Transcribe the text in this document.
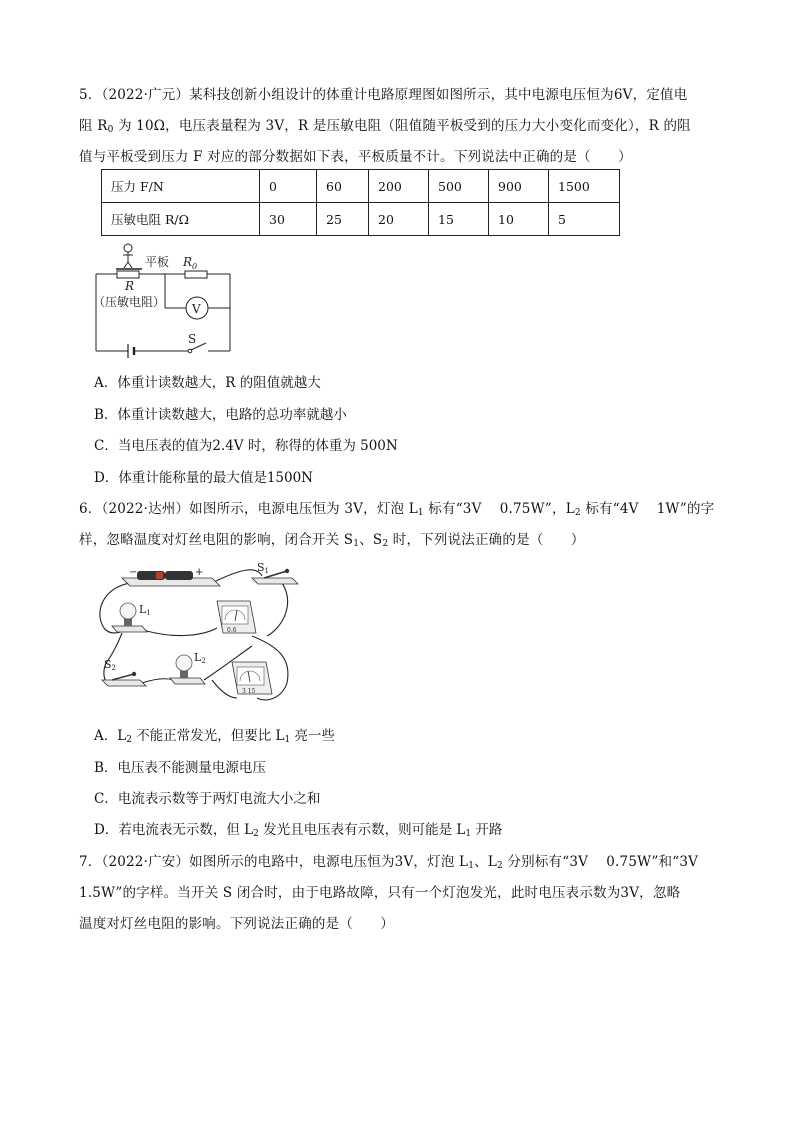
5．（2022·广元）某科技创新小组设计的体重计电路原理图如图所示，其中电源电压恒为6V，定值电
阻 $R_0$ 为 10Ω，电压表量程为 3V，R 是压敏电阻（阻值随平板受到的压力大小变化而变化），R 的阻
值与平板受到压力 F 对应的部分数据如下表，平板质量不计。下列说法中正确的是（　　）
压力 F/N	0	60	200	500	900	1500
压敏电阻 R/Ω	30	25	20	15	10	5
平板 $R_0$
R
（压敏电阻） V
S
A．体重计读数越大，R 的阻值就越大
B．体重计读数越大，电路的总功率就越小
C．当电压表的值为2.4V 时，称得的体重为 500N
D．体重计能称量的最大值是1500N
6．（2022·达州）如图所示，电源电压恒为 3V，灯泡 $L_1$ 标有“3V　 0.75W”，$L_2$ 标有“4V　 1W”的字
样，忽略温度对灯丝电阻的影响，闭合开关 $S_1$、$S_2$ 时，下列说法正确的是（　　）
−	+	S1
L1
0.6
S2
L2
3 15
A．$L_2$ 不能正常发光，但要比 $L_1$ 亮一些
B．电压表不能测量电源电压
C．电流表示数等于两灯电流大小之和
D．若电流表无示数，但 $L_2$ 发光且电压表有示数，则可能是 $L_1$ 开路
7．（2022·广安）如图所示的电路中，电源电压恒为3V，灯泡 $L_1$、$L_2$ 分别标有“3V　 0.75W”和“3V
1.5W”的字样。当开关 S 闭合时，由于电路故障，只有一个灯泡发光，此时电压表示数为3V，忽略
温度对灯丝电阻的影响。下列说法正确的是（　　）
